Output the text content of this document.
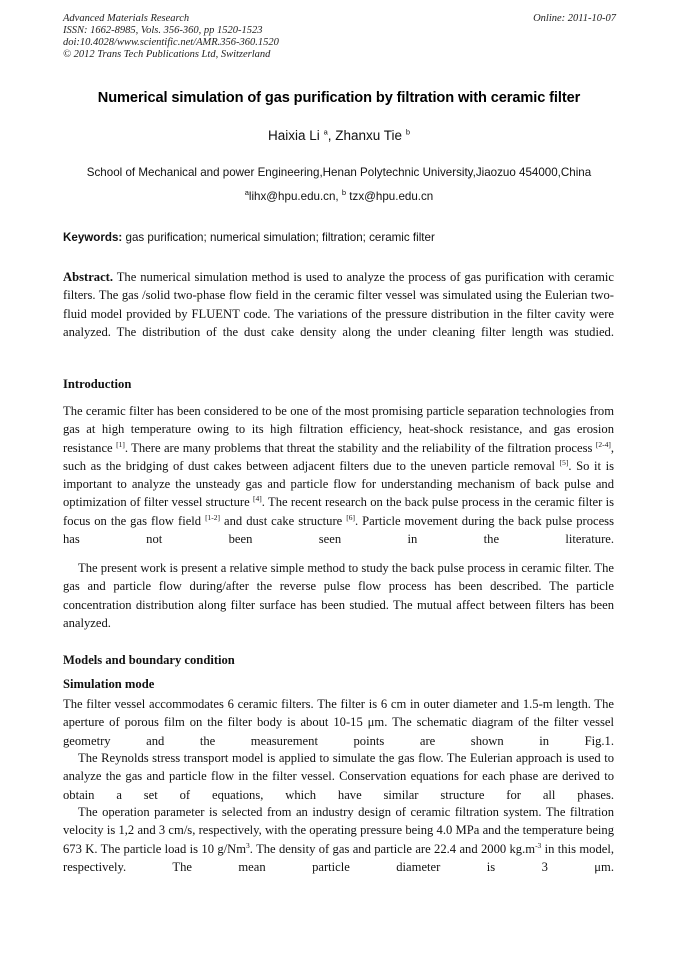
Advanced Materials Research
ISSN: 1662-8985, Vols. 356-360, pp 1520-1523
doi:10.4028/www.scientific.net/AMR.356-360.1520
© 2012 Trans Tech Publications Ltd, Switzerland
Online: 2011-10-07
Numerical simulation of gas purification by filtration with ceramic filter
Haixia Li $^a$, Zhanxu Tie $^b$
School of Mechanical and power Engineering,Henan Polytechnic University,Jiaozuo 454000,China
$^a$lihx@hpu.edu.cn, $^b$ tzx@hpu.edu.cn
Keywords: gas purification; numerical simulation; filtration; ceramic filter
Abstract. The numerical simulation method is used to analyze the process of gas purification with ceramic filters. The gas /solid two-phase flow field in the ceramic filter vessel was simulated using the Eulerian two-fluid model provided by FLUENT code. The variations of the pressure distribution in the filter cavity were analyzed. The distribution of the dust cake density along the under cleaning filter length was studied.
Introduction
The ceramic filter has been considered to be one of the most promising particle separation technologies from gas at high temperature owing to its high filtration efficiency, heat-shock resistance, and gas erosion resistance [1]. There are many problems that threat the stability and the reliability of the filtration process [2-4], such as the bridging of dust cakes between adjacent filters due to the uneven particle removal [5]. So it is important to analyze the unsteady gas and particle flow for understanding mechanism of back pulse and optimization of filter vessel structure [4]. The recent research on the back pulse process in the ceramic filter is focus on the gas flow field [1-2] and dust cake structure [6]. Particle movement during the back pulse process has not been seen in the literature.
The present work is present a relative simple method to study the back pulse process in ceramic filter. The gas and particle flow during/after the reverse pulse flow process has been described. The particle concentration distribution along filter surface has been studied. The mutual affect between filters has been analyzed.
Models and boundary condition
Simulation mode
The filter vessel accommodates 6 ceramic filters. The filter is 6 cm in outer diameter and 1.5-m length. The aperture of porous film on the filter body is about 10-15 μm. The schematic diagram of the filter vessel geometry and the measurement points are shown in Fig.1.
The Reynolds stress transport model is applied to simulate the gas flow. The Eulerian approach is used to analyze the gas and particle flow in the filter vessel. Conservation equations for each phase are derived to obtain a set of equations, which have similar structure for all phases.
The operation parameter is selected from an industry design of ceramic filtration system. The filtration velocity is 1,2 and 3 cm/s, respectively, with the operating pressure being 4.0 MPa and the temperature being 673 K. The particle load is 10 g/Nm$^3$. The density of gas and particle are 22.4 and 2000 $kg.m^{-3}$ in this model, respectively. The mean particle diameter is 3 μm.
